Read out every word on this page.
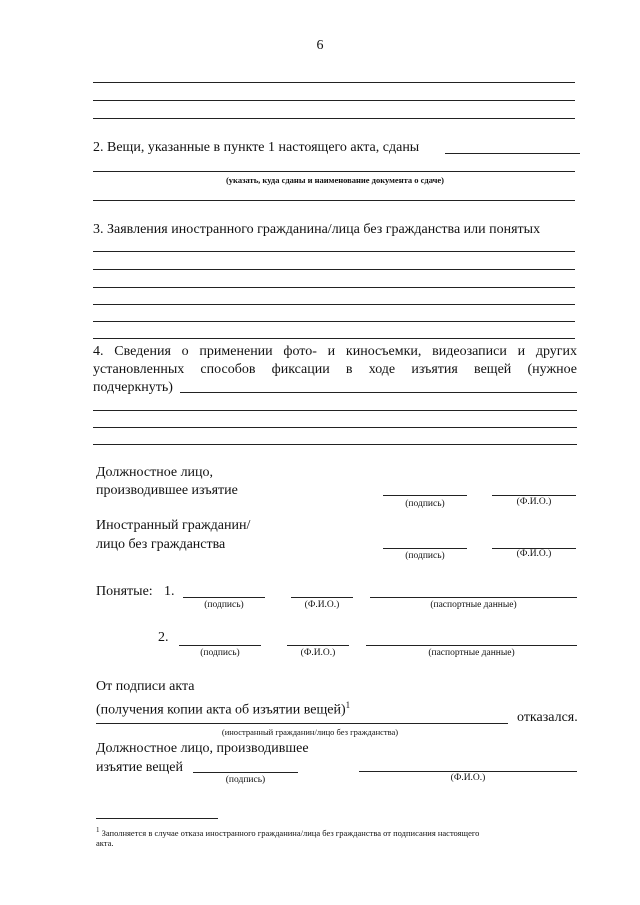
6
2. Вещи, указанные в пункте 1 настоящего акта, сданы
(указать, куда сданы и наименование документа о сдаче)
3. Заявления иностранного гражданина/лица без гражданства или понятых
4. Сведения о применении фото- и киносъемки, видеозаписи и других
установленных способов фиксации в ходе изъятия вещей (нужное
подчеркнуть)
Должностное лицо,
производившее изъятие
(подпись)	(Ф.И.О.)
Иностранный гражданин/
лицо без гражданства
(подпись)	(Ф.И.О.)
Понятые: 1.
(подпись)	(Ф.И.О.)	(паспортные данные)
2.
(подпись)	(Ф.И.О.)	(паспортные данные)
От подписи акта
(получения копии акта об изъятии вещей)$^1$
отказался.
(иностранный гражданин/лицо без гражданства)
Должностное лицо, производившее
изъятие вещей
(подпись)	(Ф.И.О.)
$^1$ Заполняется в случае отказа иностранного гражданина/лица без гражданства от подписания настоящего
акта.
